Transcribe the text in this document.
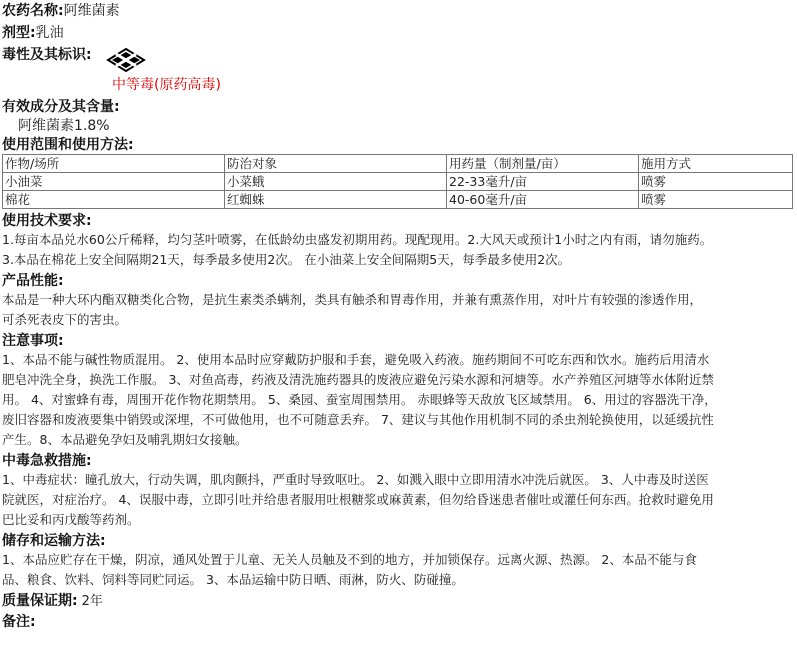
农药名称: 阿维菌素
剂型: 乳油
毒性及其标识:
中等毒(原药高毒)
有效成分及其含量:
阿维菌素1.8%
使用范围和使用方法:
作物/场所	防治对象	用药量（制剂量/亩）	施用方式
小油菜	小菜蛾	22-33毫升/亩	喷雾
棉花	红蜘蛛	40-60毫升/亩	喷雾
使用技术要求:
1.每亩本品兑水60公斤稀释，均匀茎叶喷雾，在低龄幼虫盛发初期用药。现配现用。2.大风天或预计1小时之内有雨，请勿施药。
3.本品在棉花上安全间隔期21天，每季最多使用2次。 在小油菜上安全间隔期5天，每季最多使用2次。
产品性能:
本品是一种大环内酯双糖类化合物，是抗生素类杀螨剂，类具有触杀和胃毒作用，并兼有熏蒸作用，对叶片有较强的渗透作用，
可杀死表皮下的害虫。
注意事项:
1、本品不能与碱性物质混用。 2、使用本品时应穿戴防护服和手套，避免吸入药液。施药期间不可吃东西和饮水。施药后用清水
肥皂冲洗全身，换洗工作服。 3、对鱼高毒，药液及清洗施药器具的废液应避免污染水源和河塘等。水产养殖区河塘等水体附近禁
用。 4、对蜜蜂有毒，周围开花作物花期禁用。 5、桑园、蚕室周围禁用。 赤眼蜂等天敌放飞区域禁用。 6、用过的容器洗干净，
废旧容器和废液要集中销毁或深埋，不可做他用，也不可随意丢弃。 7、建议与其他作用机制不同的杀虫剂轮换使用，以延缓抗性
产生。8、本品避免孕妇及哺乳期妇女接触。
中毒急救措施:
1、中毒症状：瞳孔放大，行动失调，肌肉颤抖，严重时导致呕吐。 2、如溅入眼中立即用清水冲洗后就医。 3、人中毒及时送医
院就医，对症治疗。 4、误服中毒，立即引吐并给患者服用吐根糖浆或麻黄素，但勿给昏迷患者催吐或灌任何东西。抢救时避免用
巴比妥和丙戊酸等药剂。
储存和运输方法:
1、本品应贮存在干燥，阴凉，通风处置于儿童、无关人员触及不到的地方，并加锁保存。远离火源、热源。 2、本品不能与食
品、粮食、饮料、饲料等同贮同运。 3、本品运输中防日晒、雨淋，防火、防碰撞。
质量保证期: 2年
备注:
